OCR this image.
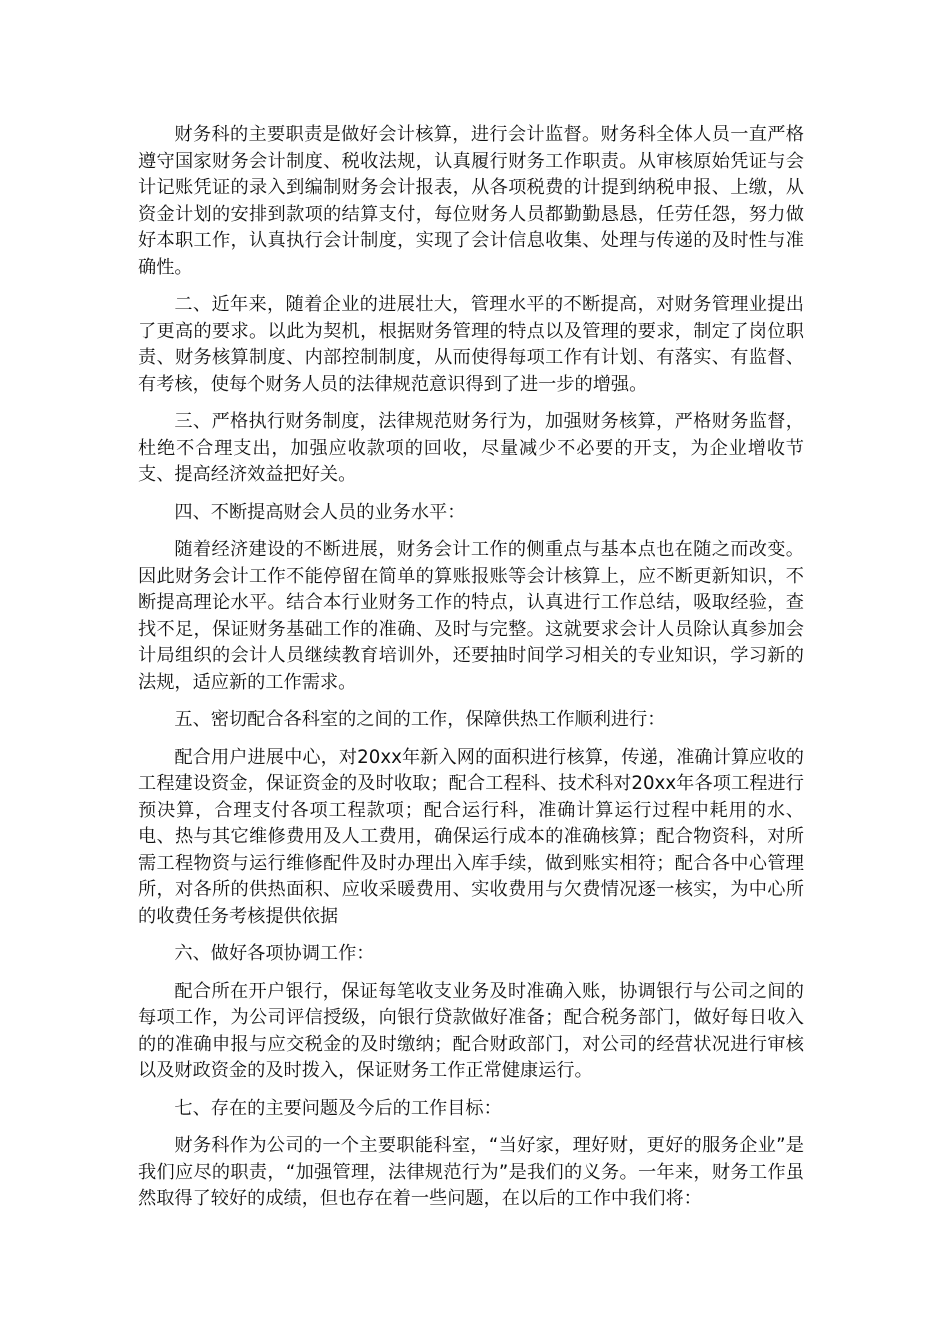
财务科的主要职责是做好会计核算，进行会计监督。财务科全体人员一直严格遵守国家财务会计制度、税收法规，认真履行财务工作职责。从审核原始凭证与会计记账凭证的录入到编制财务会计报表，从各项税费的计提到纳税申报、上缴，从资金计划的安排到款项的结算支付，每位财务人员都勤勤恳恳，任劳任怨，努力做好本职工作，认真执行会计制度，实现了会计信息收集、处理与传递的及时性与准确性。

二、近年来，随着企业的进展壮大，管理水平的不断提高，对财务管理业提出了更高的要求。以此为契机，根据财务管理的特点以及管理的要求，制定了岗位职责、财务核算制度、内部控制制度，从而使得每项工作有计划、有落实、有监督、有考核，使每个财务人员的法律规范意识得到了进一步的增强。

三、严格执行财务制度，法律规范财务行为，加强财务核算，严格财务监督，杜绝不合理支出，加强应收款项的回收，尽量减少不必要的开支，为企业增收节支、提高经济效益把好关。

四、不断提高财会人员的业务水平：

随着经济建设的不断进展，财务会计工作的侧重点与基本点也在随之而改变。因此财务会计工作不能停留在简单的算账报账等会计核算上，应不断更新知识，不断提高理论水平。结合本行业财务工作的特点，认真进行工作总结，吸取经验，查找不足，保证财务基础工作的准确、及时与完整。这就要求会计人员除认真参加会计局组织的会计人员继续教育培训外，还要抽时间学习相关的专业知识，学习新的法规，适应新的工作需求。

五、密切配合各科室的之间的工作，保障供热工作顺利进行：

配合用户进展中心，对20xx年新入网的面积进行核算，传递，准确计算应收的工程建设资金，保证资金的及时收取；配合工程科、技术科对20xx年各项工程进行预决算，合理支付各项工程款项；配合运行科，准确计算运行过程中耗用的水、电、热与其它维修费用及人工费用，确保运行成本的准确核算；配合物资科，对所需工程物资与运行维修配件及时办理出入库手续，做到账实相符；配合各中心管理所，对各所的供热面积、应收采暖费用、实收费用与欠费情况逐一核实，为中心所的收费任务考核提供依据

六、做好各项协调工作：

配合所在开户银行，保证每笔收支业务及时准确入账，协调银行与公司之间的每项工作，为公司评信授级，向银行贷款做好准备；配合税务部门，做好每日收入的的准确申报与应交税金的及时缴纳；配合财政部门，对公司的经营状况进行审核以及财政资金的及时拨入，保证财务工作正常健康运行。

七、存在的主要问题及今后的工作目标：

财务科作为公司的一个主要职能科室，“当好家，理好财，更好的服务企业”是我们应尽的职责，“加强管理，法律规范行为”是我们的义务。一年来，财务工作虽然取得了较好的成绩，但也存在着一些问题，在以后的工作中我们将：
